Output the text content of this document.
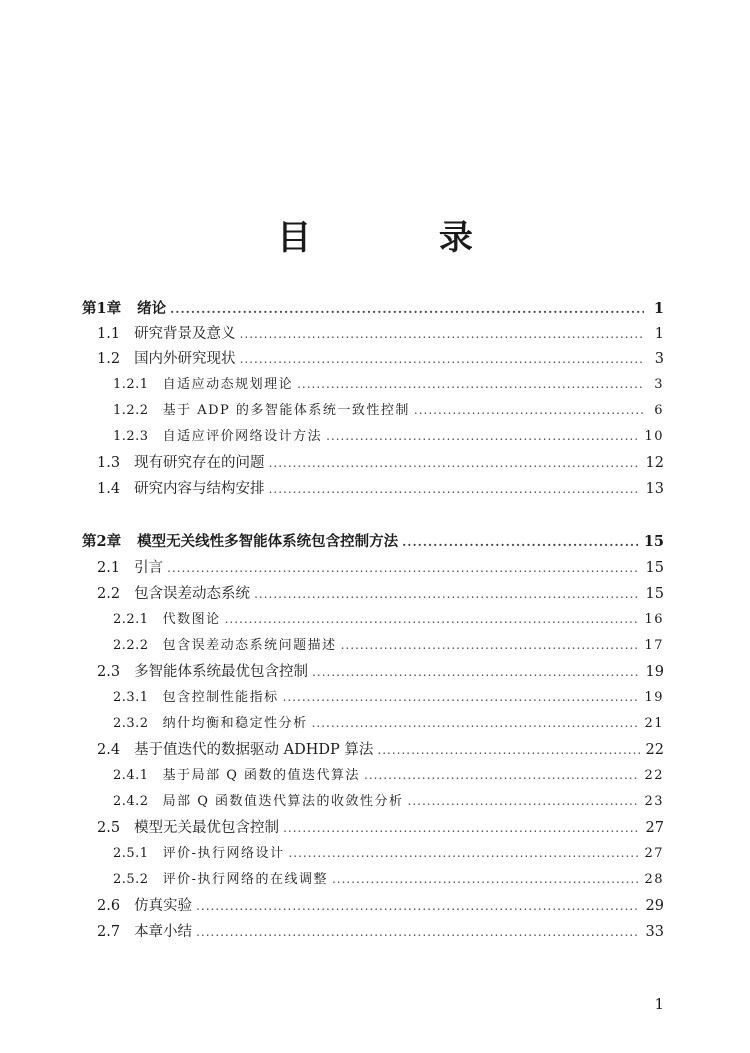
目 录
第1章 绪论 .....	1
1.1 研究背景及意义 .....	1
1.2 国内外研究现状 .....	3
1.2.1 自适应动态规划理论 .....	3
1.2.2 基于 ADP 的多智能体系统一致性控制 .....	6
1.2.3 自适应评价网络设计方法 .....	10
1.3 现有研究存在的问题 .....	12
1.4 研究内容与结构安排 .....	13
第2章 模型无关线性多智能体系统包含控制方法 .....	15
2.1 引言 .....	15
2.2 包含误差动态系统 .....	15
2.2.1 代数图论 .....	16
2.2.2 包含误差动态系统问题描述 .....	17
2.3 多智能体系统最优包含控制 .....	19
2.3.1 包含控制性能指标 .....	19
2.3.2 纳什均衡和稳定性分析 .....	21
2.4 基于值迭代的数据驱动 ADHDP 算法 .....	22
2.4.1 基于局部 Q 函数的值迭代算法 .....	22
2.4.2 局部 Q 函数值迭代算法的收敛性分析 .....	23
2.5 模型无关最优包含控制 .....	27
2.5.1 评价-执行网络设计 .....	27
2.5.2 评价-执行网络的在线调整 .....	28
2.6 仿真实验 .....	29
2.7 本章小结 .....	33
1
